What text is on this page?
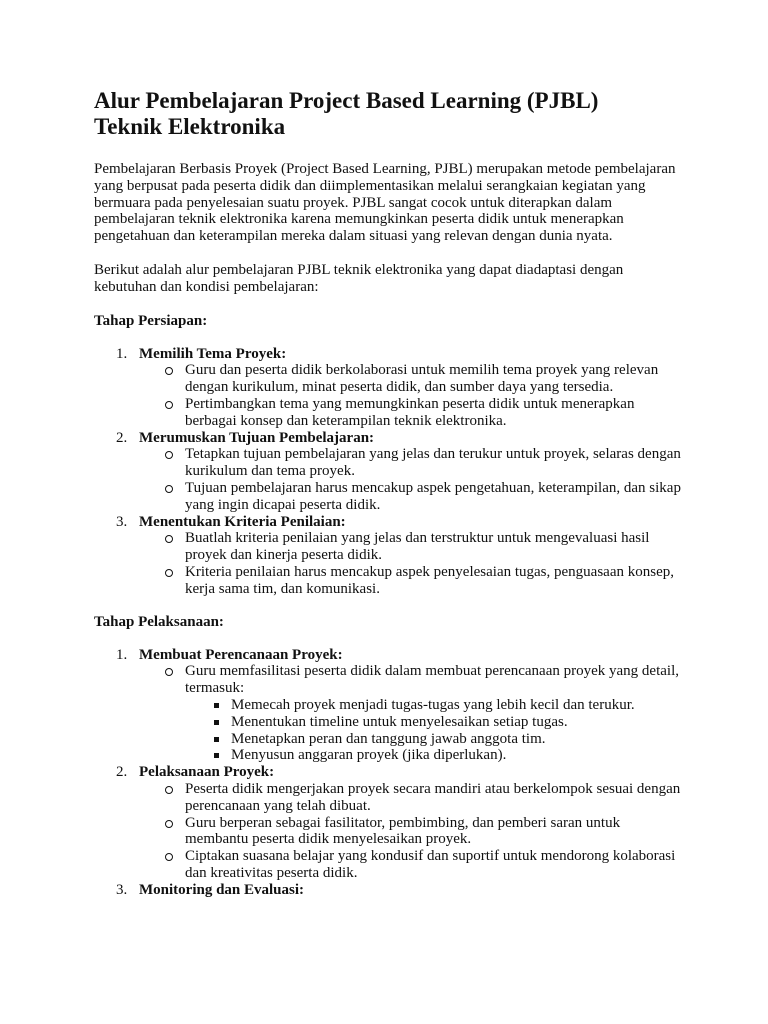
Alur Pembelajaran Project Based Learning (PJBL)
Teknik Elektronika

Pembelajaran Berbasis Proyek (Project Based Learning, PJBL) merupakan metode pembelajaran yang berpusat pada peserta didik dan diimplementasikan melalui serangkaian kegiatan yang bermuara pada penyelesaian suatu proyek. PJBL sangat cocok untuk diterapkan dalam pembelajaran teknik elektronika karena memungkinkan peserta didik untuk menerapkan pengetahuan dan keterampilan mereka dalam situasi yang relevan dengan dunia nyata.

Berikut adalah alur pembelajaran PJBL teknik elektronika yang dapat diadaptasi dengan kebutuhan dan kondisi pembelajaran:

Tahap Persiapan:
1. Memilih Tema Proyek:
Guru dan peserta didik berkolaborasi untuk memilih tema proyek yang relevan dengan kurikulum, minat peserta didik, dan sumber daya yang tersedia.
Pertimbangkan tema yang memungkinkan peserta didik untuk menerapkan berbagai konsep dan keterampilan teknik elektronika.
2. Merumuskan Tujuan Pembelajaran:
Tetapkan tujuan pembelajaran yang jelas dan terukur untuk proyek, selaras dengan kurikulum dan tema proyek.
Tujuan pembelajaran harus mencakup aspek pengetahuan, keterampilan, dan sikap yang ingin dicapai peserta didik.
3. Menentukan Kriteria Penilaian:
Buatlah kriteria penilaian yang jelas dan terstruktur untuk mengevaluasi hasil proyek dan kinerja peserta didik.
Kriteria penilaian harus mencakup aspek penyelesaian tugas, penguasaan konsep, kerja sama tim, dan komunikasi.
Tahap Pelaksanaan:
1. Membuat Perencanaan Proyek:
Guru memfasilitasi peserta didik dalam membuat perencanaan proyek yang detail, termasuk:
Memecah proyek menjadi tugas-tugas yang lebih kecil dan terukur.
Menentukan timeline untuk menyelesaikan setiap tugas.
Menetapkan peran dan tanggung jawab anggota tim.
Menyusun anggaran proyek (jika diperlukan).
2. Pelaksanaan Proyek:
Peserta didik mengerjakan proyek secara mandiri atau berkelompok sesuai dengan perencanaan yang telah dibuat.
Guru berperan sebagai fasilitator, pembimbing, dan pemberi saran untuk membantu peserta didik menyelesaikan proyek.
Ciptakan suasana belajar yang kondusif dan suportif untuk mendorong kolaborasi dan kreativitas peserta didik.
3. Monitoring dan Evaluasi:
